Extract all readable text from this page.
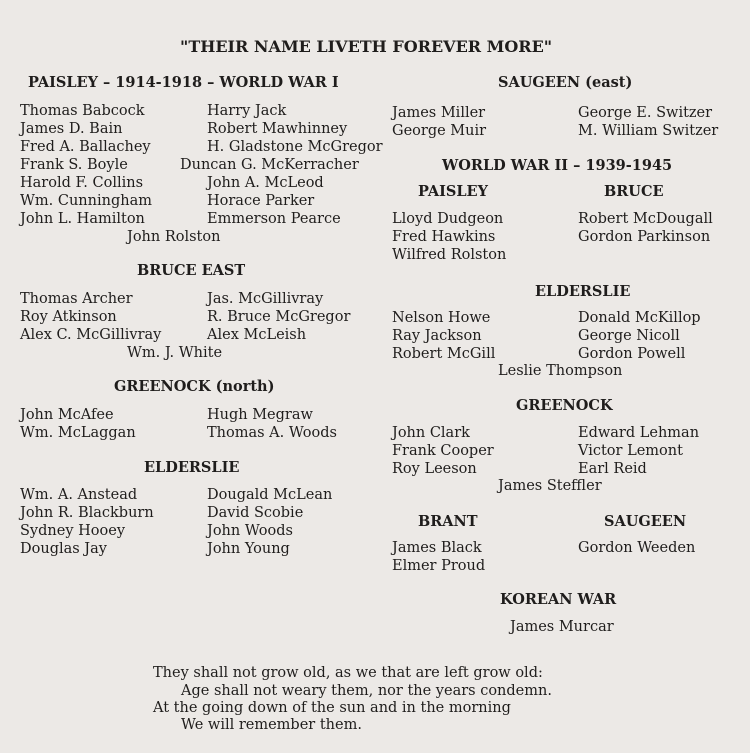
"THEIR NAME LIVETH FOREVER MORE"
PAISLEY – 1914-1918 – WORLD WAR I
Thomas Babcock
James D. Bain
Fred A. Ballachey
Frank S. Boyle
Harold F. Collins
Wm. Cunningham
John L. Hamilton
Harry Jack
Robert Mawhinney
H. Gladstone McGregor
Duncan G. McKerracher
John A. McLeod
Horace Parker
Emmerson Pearce
John Rolston
BRUCE EAST
Thomas Archer
Roy Atkinson
Alex C. McGillivray
Jas. McGillivray
R. Bruce McGregor
Alex McLeish
Wm. J. White
GREENOCK (north)
John McAfee
Wm. McLaggan
Hugh Megraw
Thomas A. Woods
ELDERSLIE
Wm. A. Anstead
John R. Blackburn
Sydney Hooey
Douglas Jay
Dougald McLean
David Scobie
John Woods
John Young
SAUGEEN (east)
James Miller
George Muir
George E. Switzer
M. William Switzer
WORLD WAR II – 1939-1945
PAISLEY	BRUCE
Lloyd Dudgeon
Fred Hawkins
Wilfred Rolston
Robert McDougall
Gordon Parkinson
ELDERSLIE
Nelson Howe
Ray Jackson
Robert McGill
Donald McKillop
George Nicoll
Gordon Powell
Leslie Thompson
GREENOCK
John Clark
Frank Cooper
Roy Leeson
Edward Lehman
Victor Lemont
Earl Reid
James Steffler
BRANT	SAUGEEN
James Black
Elmer Proud
Gordon Weeden
KOREAN WAR
James Murcar
They shall not grow old, as we that are left grow old:
Age shall not weary them, nor the years condemn.
At the going down of the sun and in the morning
We will remember them.
